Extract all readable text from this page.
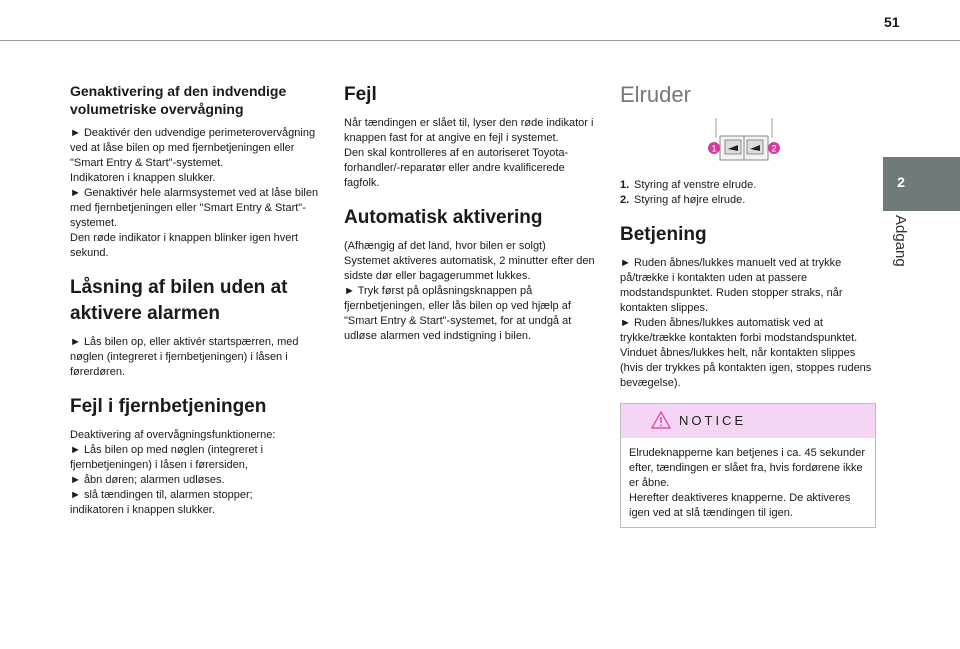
51
2
Adgang
Genaktivering af den indvendige volumetriske overvågning

► Deaktivér den udvendige perimeterovervågning ved at låse bilen op med fjernbetjeningen eller "Smart Entry & Start"-systemet.

Indikatoren i knappen slukker.

► Genaktivér hele alarmsystemet ved at låse bilen med fjernbetjeningen eller "Smart Entry & Start"-systemet.

Den røde indikator i knappen blinker igen hvert sekund.

Låsning af bilen uden at aktivere alarmen

► Lås bilen op, eller aktivér startspærren, med nøglen (integreret i fjernbetjeningen) i låsen i førerdøren.

Fejl i fjernbetjeningen

Deaktivering af overvågningsfunktionerne:

► Lås bilen op med nøglen (integreret i fjernbetjeningen) i låsen i førersiden,

► åbn døren; alarmen udløses.

► slå tændingen til, alarmen stopper;

indikatoren i knappen slukker.

Fejl

Når tændingen er slået til, lyser den røde indikator i knappen fast for at angive en fejl i systemet.

Den skal kontrolleres af en autoriseret Toyota-forhandler/-reparatør eller andre kvalificerede fagfolk.

Automatisk aktivering

(Afhængig af det land, hvor bilen er solgt)

Systemet aktiveres automatisk, 2 minutter efter den sidste dør eller bagagerummet lukkes.

► Tryk først på oplåsningsknappen på fjernbetjeningen, eller lås bilen op ved hjælp af "Smart Entry & Start"-systemet, for at undgå at udløse alarmen ved indstigning i bilen.

Elruder
1	2
1. Styring af venstre elrude.
2. Styring af højre elrude.
Betjening

► Ruden åbnes/lukkes manuelt ved at trykke på/trække i kontakten uden at passere modstandspunktet. Ruden stopper straks, når kontakten slippes.

► Ruden åbnes/lukkes automatisk ved at trykke/trække kontakten forbi modstandspunktet. Vinduet åbnes/lukkes helt, når kontakten slippes (hvis der trykkes på kontakten igen, stoppes rudens bevægelse).

NOTICE

Elrudeknapperne kan betjenes i ca. 45 sekunder efter, tændingen er slået fra, hvis fordørene ikke er åbne.

Herefter deaktiveres knapperne. De aktiveres igen ved at slå tændingen til igen.
